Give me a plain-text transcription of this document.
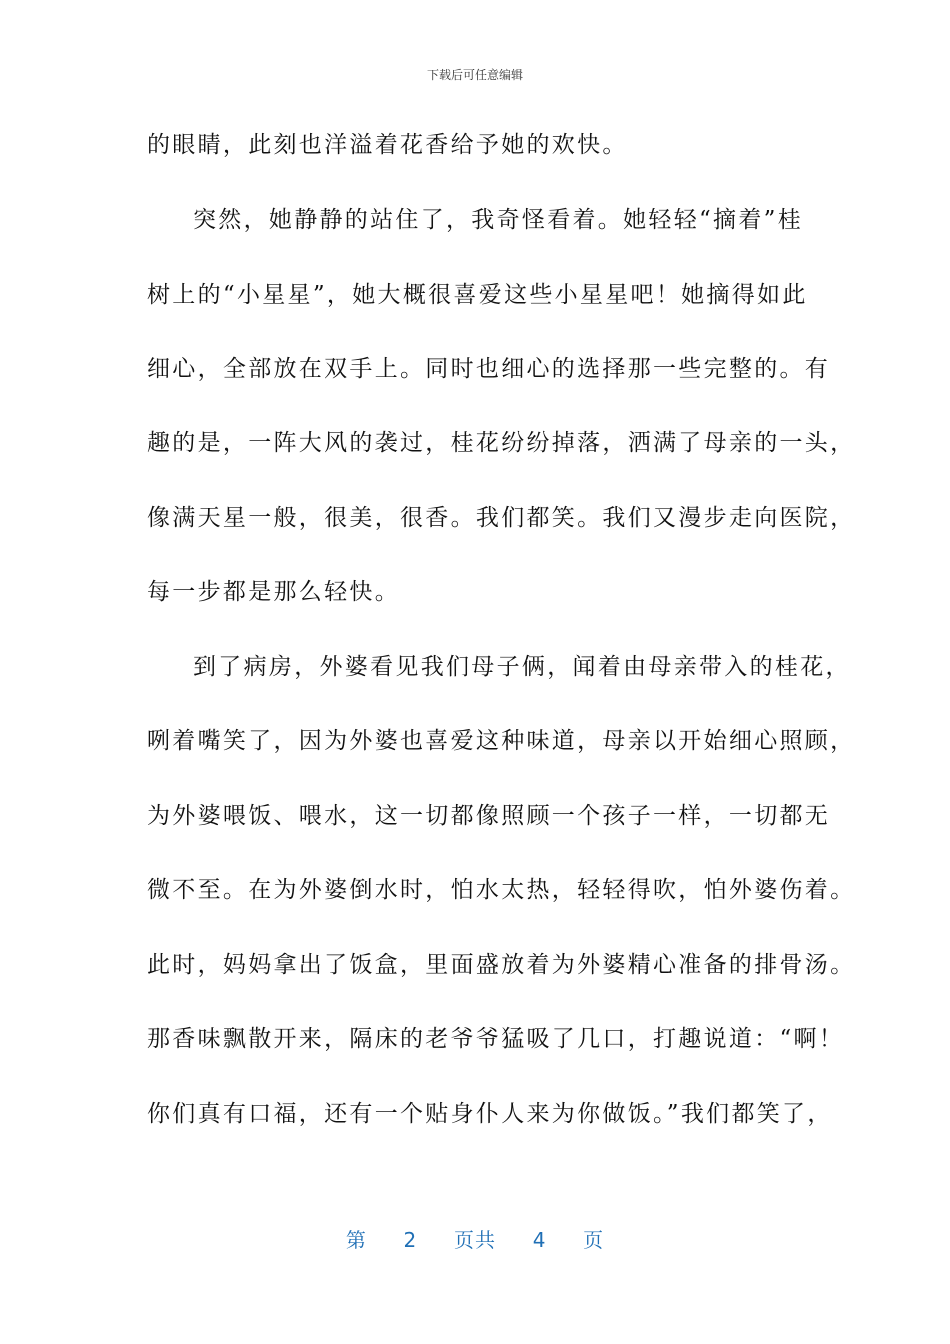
下载后可任意编辑
的眼睛，此刻也洋溢着花香给予她的欢快。
突然，她静静的站住了，我奇怪看着。她轻轻“摘着”桂
树上的“小星星”，她大概很喜爱这些小星星吧！她摘得如此
细心，全部放在双手上。同时也细心的选择那一些完整的。有
趣的是，一阵大风的袭过，桂花纷纷掉落，洒满了母亲的一头，
像满天星一般，很美，很香。我们都笑。我们又漫步走向医院，
每一步都是那么轻快。
到了病房，外婆看见我们母子俩，闻着由母亲带入的桂花，
咧着嘴笑了，因为外婆也喜爱这种味道，母亲以开始细心照顾，
为外婆喂饭、喂水，这一切都像照顾一个孩子一样，一切都无
微不至。在为外婆倒水时，怕水太热，轻轻得吹，怕外婆伤着。
此时，妈妈拿出了饭盒，里面盛放着为外婆精心准备的排骨汤。
那香味飘散开来，隔床的老爷爷猛吸了几口，打趣说道：“啊！
你们真有口福，还有一个贴身仆人来为你做饭。”我们都笑了，
第 2 页共 4 页
